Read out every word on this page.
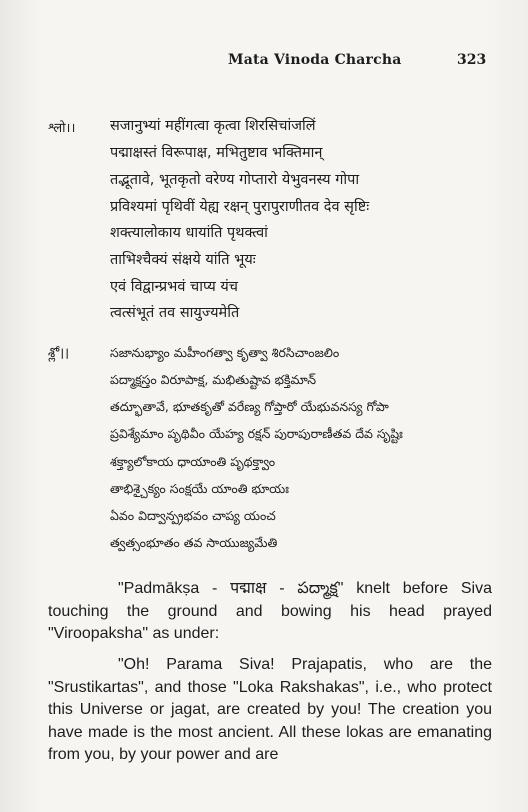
Mata Vinoda Charcha	323
श्लो।। सजानुभ्यां महींगत्वा कृत्वा शिरसिचांजलिं

पद्माक्षस्तं विरूपाक्ष, मभितुष्टाव भक्तिमान्

तद्भूतावे, भूतकृतो वरेण्य गोप्तारो येभुवनस्य गोपा

प्रविश्यमां पृथिवीं येह्य रक्षन् पुरापुराणीतव देव सृष्टिः

शक्त्यालोकाय धायांति पृथक्त्वां

ताभिश्चैक्यं संक्षये यांति भूयः

एवं विद्वान्प्रभवं चाप्य यंच

त्वत्संभूतं तव सायुज्यमेति

శ్లో।।	సజానుభ్యాం మహీంగత్వా కృత్వా శిరసిచాంజలిం

పద్మాక్షస్తం విరూపాక్ష, మభితుష్టావ భక్తిమాన్

తద్భూతావే, భూతకృతో వరేణ్య గోప్తారో యేభువనస్య గోపా

ప్రవిశ్యేమాం పృథివీం యేహ్య రక్షన్ పురాపురాణీతవ దేవ సృష్టిః

శక్త్యాలోకాయ ధాయాంతి పృథక్త్వాం

తాభిశ్చైక్యం సంక్షయే యాంతి భూయః

ఏవం విద్వాన్ప్రభవం చాప్య యంచ

త్వత్సంభూతం తవ సాయుజ్యమేతి

"Padmākṣa - पद्माक्ष - పద్మాక్ష" knelt before Siva touching the ground and bowing his head prayed "Viroopaksha" as under:

"Oh! Parama Siva! Prajapatis, who are the "Srustikartas", and those "Loka Rakshakas", i.e., who protect this Universe or jagat, are created by you! The creation you have made is the most ancient. All these lokas are emanating from you, by your power and are
